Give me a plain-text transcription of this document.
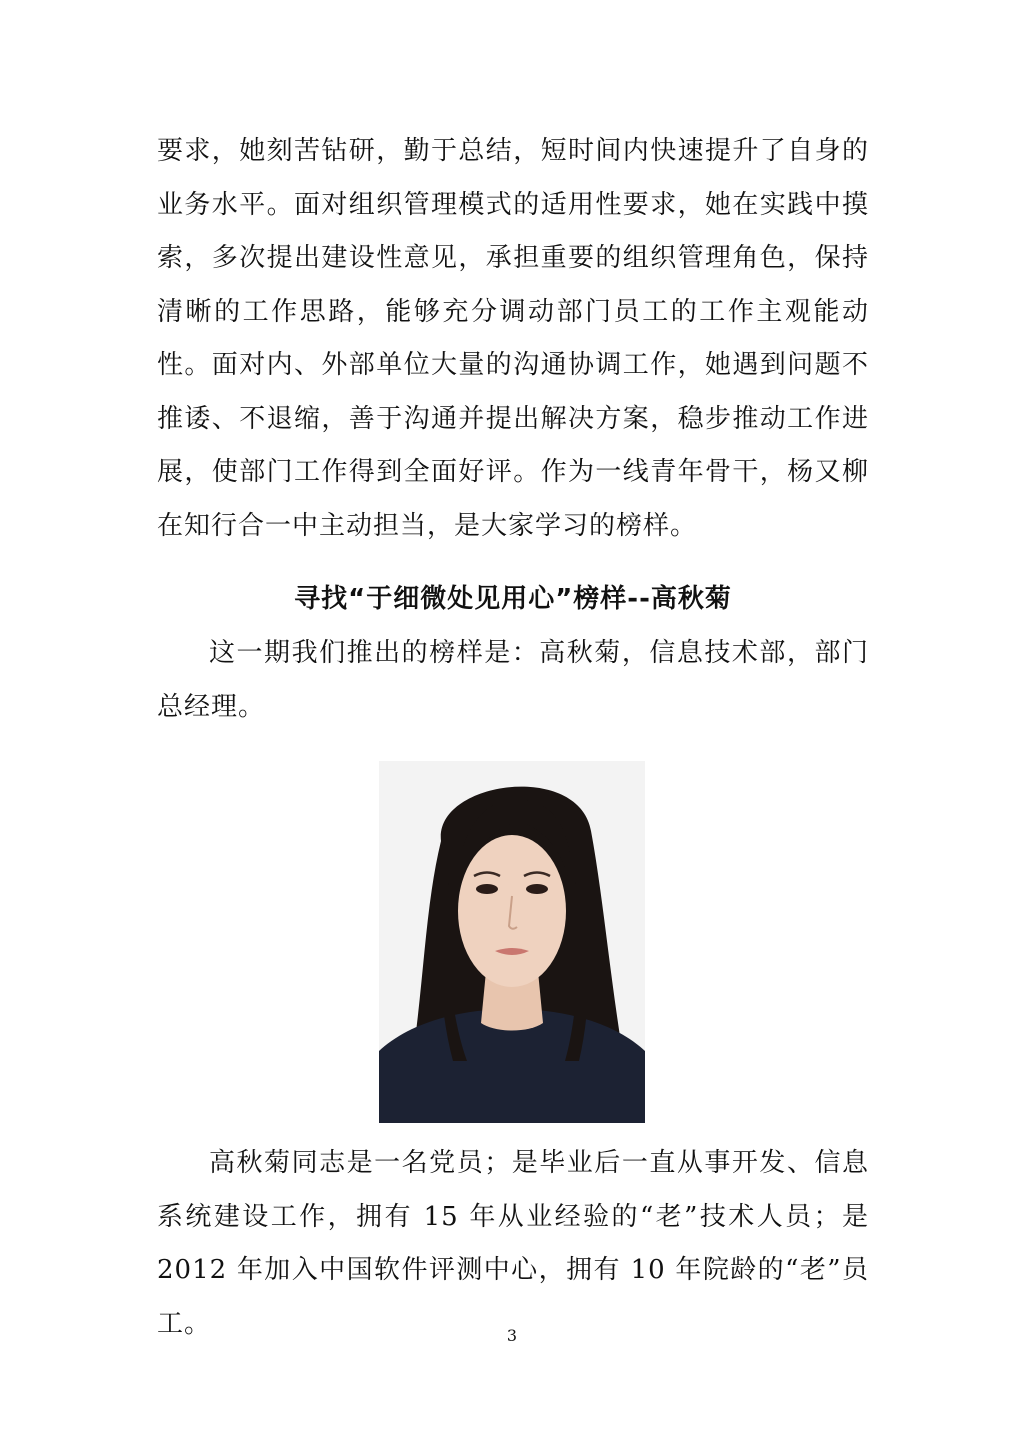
要求，她刻苦钻研，勤于总结，短时间内快速提升了自身的业务水平。面对组织管理模式的适用性要求，她在实践中摸索，多次提出建设性意见，承担重要的组织管理角色，保持清晰的工作思路，能够充分调动部门员工的工作主观能动性。面对内、外部单位大量的沟通协调工作，她遇到问题不推诿、不退缩，善于沟通并提出解决方案，稳步推动工作进展，使部门工作得到全面好评。作为一线青年骨干，杨又柳在知行合一中主动担当，是大家学习的榜样。

寻找“于细微处见用心”榜样--高秋菊

这一期我们推出的榜样是：高秋菊，信息技术部，部门总经理。

高秋菊同志是一名党员；是毕业后一直从事开发、信息系统建设工作，拥有 15 年从业经验的“老”技术人员；是 2012 年加入中国软件评测中心，拥有 10 年院龄的“老”员工。	3
